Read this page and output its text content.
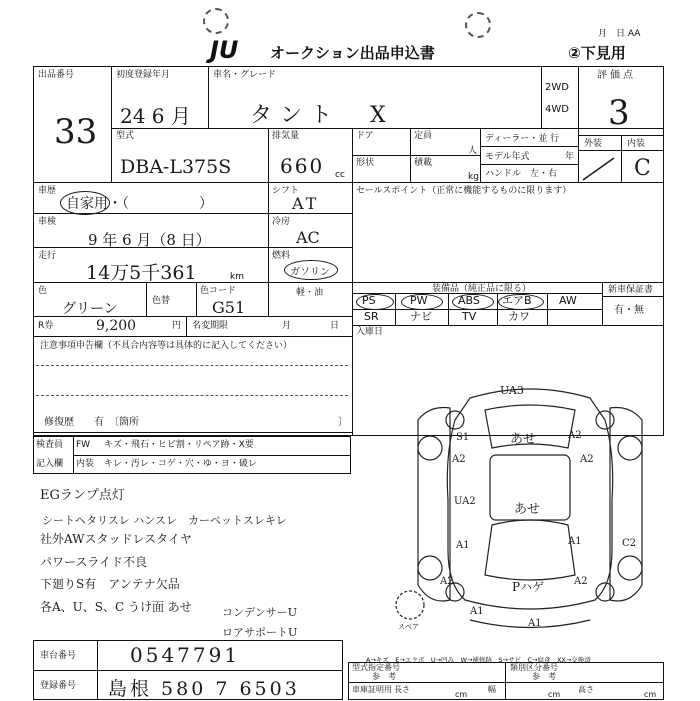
JU オークション出品申込書
月　日 AA
②下見用
出品番号
33
初度登録年月
24 6 月
車名・グレード
タント　X
2WD
4WD
評価点
3
型式
DBA-L375S
排気量
660 cc
ドア	定員
人
形状	積載
kg
ディーラー・並 行
モデル年式	年
ハンドル　左・右
外装	内装
C
車歴
自家用・（　　　　　）
車検
9 年 6 月（8 日）
走行
14万5千361	km
色
グリーン	色替
色コード
G51
R券	9,200	円 名変期限	月	日
シフト
AT
冷房
AC
燃料
ガソリン
軽・油
セールスポイント（正常に機能するものに限ります）
装備品（純正品に限る）
PS	PW	ABS エアB AW
SR	ナビ	TV	カワ
新車保証書
有・無
入庫日
注意事項申告欄（不具合内容等は具体的に記入してください）
修復歴　　有　〔箇所	〕
検査員
記入欄
FW キズ・飛石・ヒビ割・リペア跡・X要
内装 キレ・汚レ・コゲ・穴・ゆ・ヨ・破レ
EGランプ点灯
シートヘタリスレ ハンスレ　カーペットスレキレ
社外AWスタッドレスタイヤ
パワースライド不良
下廻りS有　アンテナ欠品
各A、U、S、C うけ面 あせ	コンデンサーU
ロアサポートU
UA3
S1	あせ
A2
A2
A2
UA2
あせ
A1	C2
A1
A2	Pハゲ	A2
A1
A1
スペア
A→キズ　E→エクボ　U→凹み　W→補修跡　S→サビ　C→腐食　XX→交換済
車台番号	0547791
登録番号 島根 580 7 6503
型式指定番号
参　考
類別区分番号
参　考
車庫証明用 長さ
cm
幅
cm
高さ
cm
